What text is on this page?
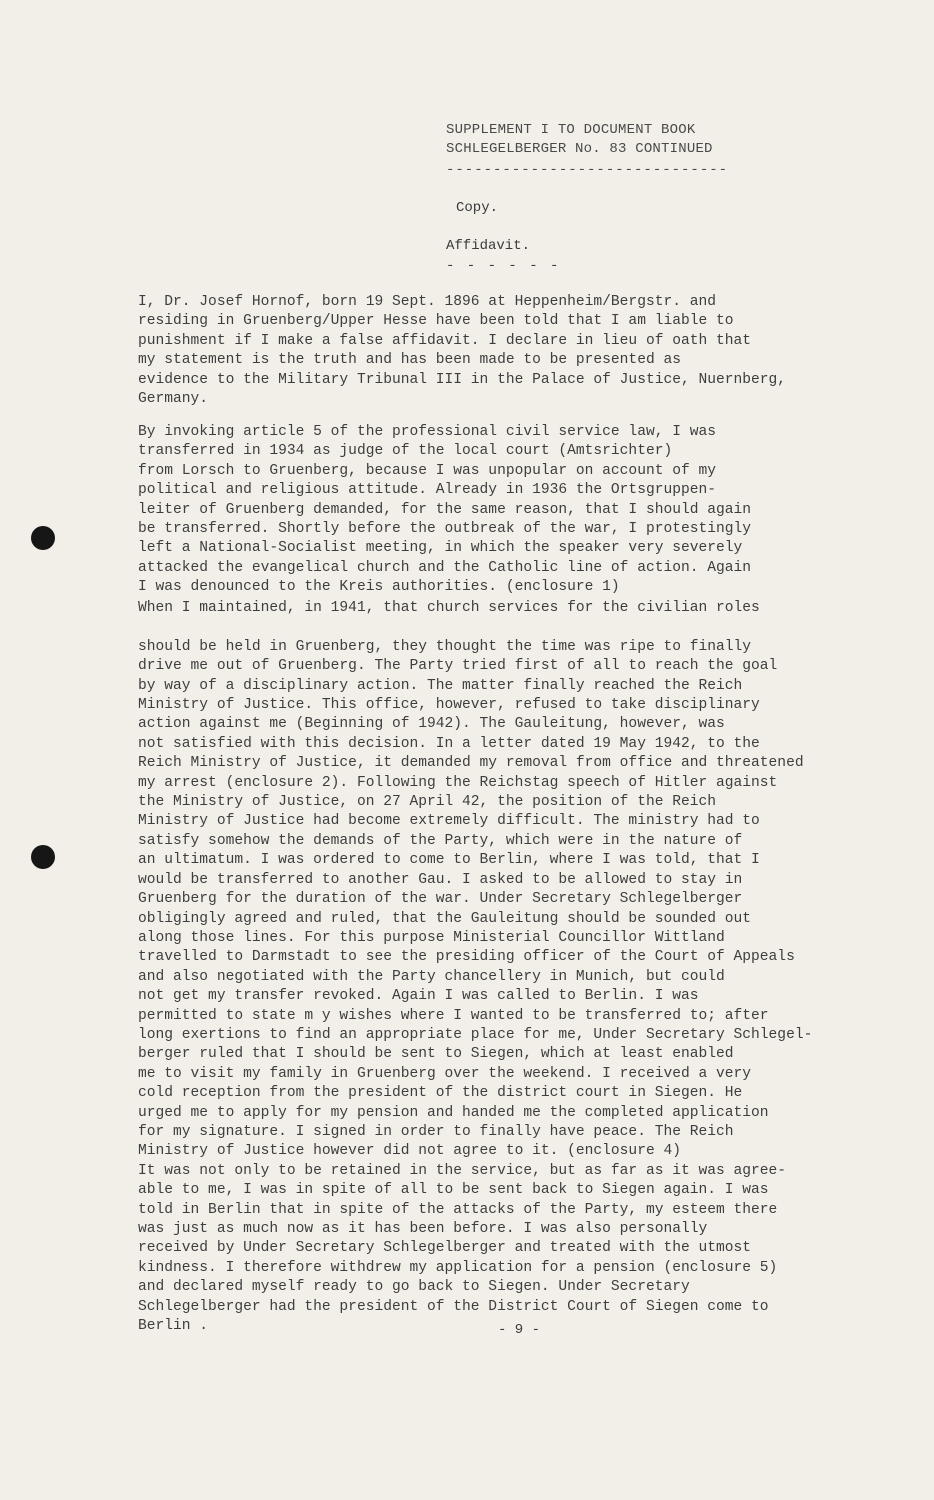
SUPPLEMENT I TO DOCUMENT BOOK
SCHLEGELBERGER No. 83 CONTINUED
------------------------------
Copy.
Affidavit.
- - - - - -
I, Dr. Josef Hornof, born 19 Sept. 1896 at Heppenheim/Bergstr. and
residing in Gruenberg/Upper Hesse have been told that I am liable to
punishment if I make a false affidavit. I declare in lieu of oath that
my statement is the truth and has been made to be presented as
evidence to the Military Tribunal III in the Palace of Justice, Nuernberg,
Germany.
By invoking article 5 of the professional civil service law, I was
transferred in 1934 as judge of the local court (Amtsrichter)
from Lorsch to Gruenberg, because I was unpopular on account of my
political and religious attitude. Already in 1936 the Ortsgruppen-
leiter of Gruenberg demanded, for the same reason, that I should again
be transferred. Shortly before the outbreak of the war, I protestingly
left a National-Socialist meeting, in which the speaker very severely
attacked the evangelical church and the Catholic line of action. Again
I was denounced to the Kreis authorities. (enclosure 1)
When I maintained, in 1941, that church services for the civilian roles

should be held in Gruenberg, they thought the time was ripe to finally
drive me out of Gruenberg. The Party tried first of all to reach the goal
by way of a disciplinary action. The matter finally reached the Reich
Ministry of Justice. This office, however, refused to take disciplinary
action against me (Beginning of 1942). The Gauleitung, however, was
not satisfied with this decision. In a letter dated 19 May 1942, to the
Reich Ministry of Justice, it demanded my removal from office and threatened
my arrest (enclosure 2). Following the Reichstag speech of Hitler against
the Ministry of Justice, on 27 April 42, the position of the Reich
Ministry of Justice had become extremely difficult. The ministry had to
satisfy somehow the demands of the Party, which were in the nature of
an ultimatum. I was ordered to come to Berlin, where I was told, that I
would be transferred to another Gau. I asked to be allowed to stay in
Gruenberg for the duration of the war. Under Secretary Schlegelberger
obligingly agreed and ruled, that the Gauleitung should be sounded out
along those lines. For this purpose Ministerial Councillor Wittland
travelled to Darmstadt to see the presiding officer of the Court of Appeals
and also negotiated with the Party chancellery in Munich, but could
not get my transfer revoked. Again I was called to Berlin. I was
permitted to state m y wishes where I wanted to be transferred to; after
long exertions to find an appropriate place for me, Under Secretary Schlegel-
berger ruled that I should be sent to Siegen, which at least enabled
me to visit my family in Gruenberg over the weekend. I received a very
cold reception from the president of the district court in Siegen. He
urged me to apply for my pension and handed me the completed application
for my signature. I signed in order to finally have peace. The Reich
Ministry of Justice however did not agree to it. (enclosure 4)
It was not only to be retained in the service, but as far as it was agree-
able to me, I was in spite of all to be sent back to Siegen again. I was
told in Berlin that in spite of the attacks of the Party, my esteem there
was just as much now as it has been before. I was also personally
received by Under Secretary Schlegelberger and treated with the utmost
kindness. I therefore withdrew my application for a pension (enclosure 5)
and declared myself ready to go back to Siegen. Under Secretary
Schlegelberger had the president of the District Court of Siegen come to
Berlin .	- 9 -
